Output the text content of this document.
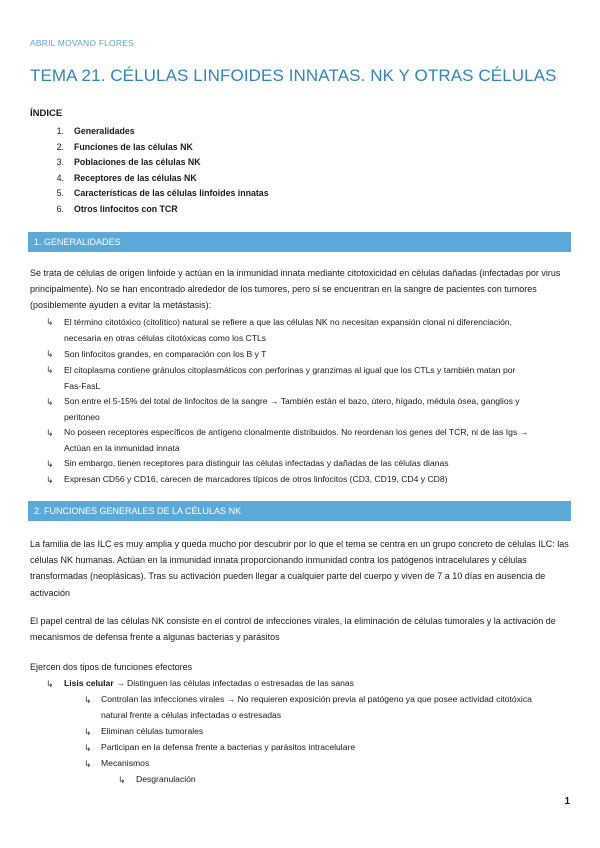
ABRIL MOVANO FLORES
TEMA 21. CÉLULAS LINFOIDES INNATAS. NK Y OTRAS CÉLULAS
ÍNDICE
1. Generalidades
2. Funciones de las células NK
3. Poblaciones de las células NK
4. Receptores de las células NK
5. Características de las células linfoides innatas
6. Otros linfocitos con TCR
1. GENERALIDADES
Se trata de células de origen linfoide y actúan en la inmunidad innata mediante citotoxicidad en células dañadas (infectadas por virus
principalmente). No se han encontrado alrededor de los tumores, pero sí se encuentran en la sangre de pacientes con tumores
(posiblemente ayuden a evitar la metástasis):
↳ El término citotóxico (citolítico) natural se refiere a que las células NK no necesitan expansión clonal ni diferenciación,
necesaria en otras células citotóxicas como los CTLs
↳ Son linfocitos grandes, en comparación con los B y T
↳ El citoplasma contiene gránulos citoplasmáticos con perforinas y granzimas al igual que los CTLs y también matan por
Fas-FasL
↳ Son entre el 5-15% del total de linfocitos de la sangre → También están el bazo, útero, hígado, médula ósea, ganglios y
peritoneo
↳ No poseen receptores específicos de antígeno clonalmente distribuidos. No reordenan los genes del TCR, ni de las Igs →
Actúan en la inmunidad innata
↳ Sin embargo, tienen receptores para distinguir las células infectadas y dañadas de las células dianas
↳ Expresan CD56 y CD16, carecen de marcadores típicos de otros linfocitos (CD3, CD19, CD4 y CD8)
2. FUNCIONES GENERALES DE LA CÉLULAS NK
La familia de las ILC es muy amplia y queda mucho por descubrir por lo que el tema se centra en un grupo concreto de células ILC: las
células NK humanas. Actúan en la inmunidad innata proporcionando inmunidad contra los patógenos intracelulares y células
transformadas (neoplásicas). Tras su activación pueden llegar a cualquier parte del cuerpo y viven de 7 a 10 días en ausencia de
activación
El papel central de las células NK consiste en el control de infecciones virales, la eliminación de células tumorales y la activación de
mecanismos de defensa frente a algunas bacterias y parásitos
Ejercen dos tipos de funciones efectores
↳ Lisis celular → Distinguen las células infectadas o estresadas de las sanas
↳ Controlan las infecciones virales → No requieren exposición previa al patógeno ya que posee actividad citotóxica
natural frente a células infectadas o estresadas
↳ Eliminan células tumorales
↳ Participan en la defensa frente a bacterias y parásitos intracelulare
↳ Mecanismos
↳ Desgranulación
1
